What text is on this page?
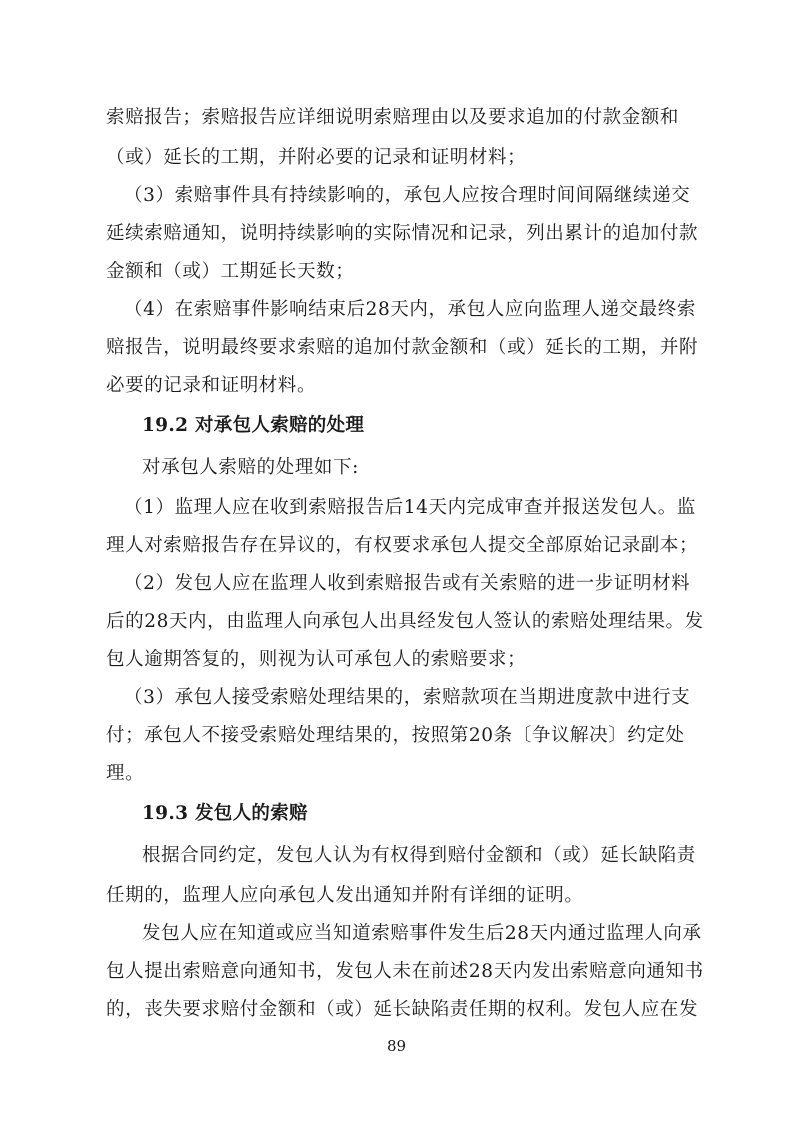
索赔报告；索赔报告应详细说明索赔理由以及要求追加的付款金额和
（或）延长的工期，并附必要的记录和证明材料；
（3）索赔事件具有持续影响的，承包人应按合理时间间隔继续递交
延续索赔通知，说明持续影响的实际情况和记录，列出累计的追加付款
金额和（或）工期延长天数；
（4）在索赔事件影响结束后28天内，承包人应向监理人递交最终索
赔报告，说明最终要求索赔的追加付款金额和（或）延长的工期，并附
必要的记录和证明材料。
19.2 对承包人索赔的处理
对承包人索赔的处理如下:
（1）监理人应在收到索赔报告后14天内完成审查并报送发包人。监
理人对索赔报告存在异议的，有权要求承包人提交全部原始记录副本；
（2）发包人应在监理人收到索赔报告或有关索赔的进一步证明材料
后的28天内，由监理人向承包人出具经发包人签认的索赔处理结果。发
包人逾期答复的，则视为认可承包人的索赔要求；
（3）承包人接受索赔处理结果的，索赔款项在当期进度款中进行支
付；承包人不接受索赔处理结果的，按照第20条〔争议解决〕约定处
理。
19.3 发包人的索赔
根据合同约定，发包人认为有权得到赔付金额和（或）延长缺陷责
任期的，监理人应向承包人发出通知并附有详细的证明。
发包人应在知道或应当知道索赔事件发生后28天内通过监理人向承
包人提出索赔意向通知书，发包人未在前述28天内发出索赔意向通知书
的，丧失要求赔付金额和（或）延长缺陷责任期的权利。发包人应在发
89
